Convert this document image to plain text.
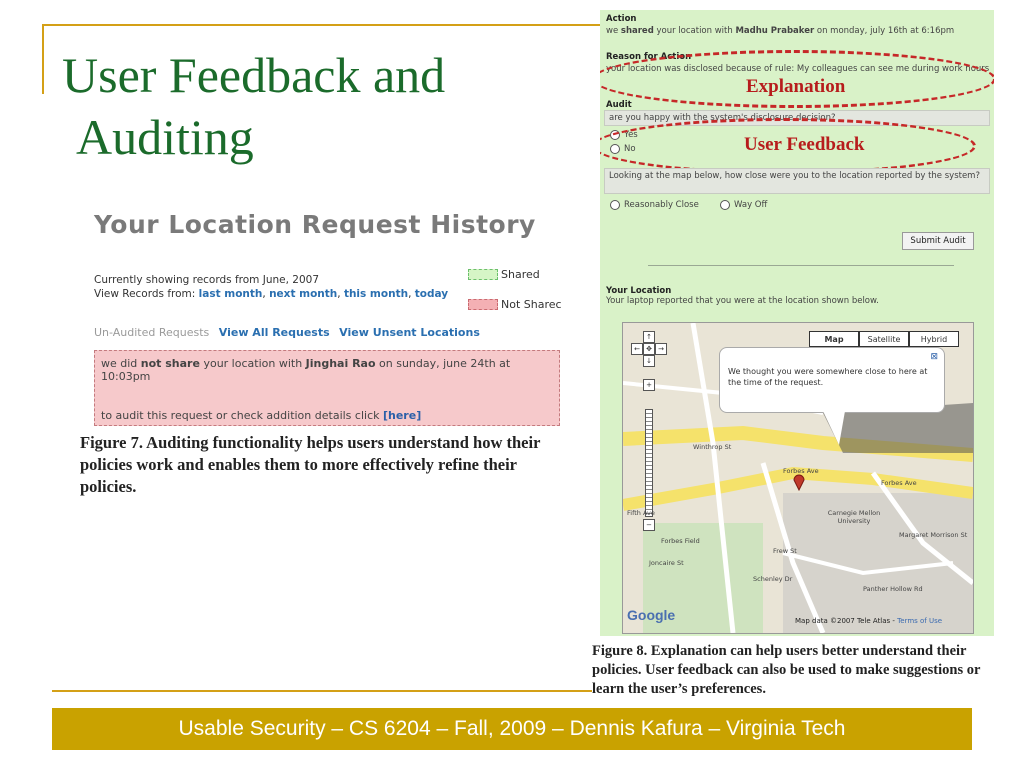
User Feedback and
Auditing
Your Location Request History
Currently showing records from June, 2007
View Records from: last month, next month, this month, today
Shared
Not Sharec
Un-Audited Requests View All Requests View Unsent Locations
we did not share your location with Jinghai Rao on sunday, june 24th at 10:03pm
to audit this request or check addition details click [here]

Figure 7. Auditing functionality helps users understand how their policies work and enables them to more effectively refine their policies.

Action
we shared your location with Madhu Prabaker on monday, july 16th at 6:16pm
Reason for Action
your location was disclosed because of rule: My colleagues can see me during work hours
Explanation
Audit
are you happy with the system's disclosure decision?
Yes
No	User Feedback
Looking at the map below, how close were you to the location reported by the system?
Reasonably Close	Way Off
Submit Audit
Your Location
Your laptop reported that you were at the location shown below.
Map	Satellite	Hybrid
↑
← ✥ →
↓
+
−
⊠
We thought you were somewhere close to here at the time of the request.
Winthrop St
Forbes Ave
Forbes Ave
Fifth Ave	Carnegie Mellon University
Forbes Field
Joncaire St
Frew St
Schenley Dr
Panther Hollow Rd
Margaret Morrison St
Google	Map data ©2007 Tele Atlas - Terms of Use

Figure 8. Explanation can help users better understand their policies. User feedback can also be used to make suggestions or learn the user’s preferences.

Usable Security – CS 6204 – Fall, 2009 – Dennis Kafura – Virginia Tech
